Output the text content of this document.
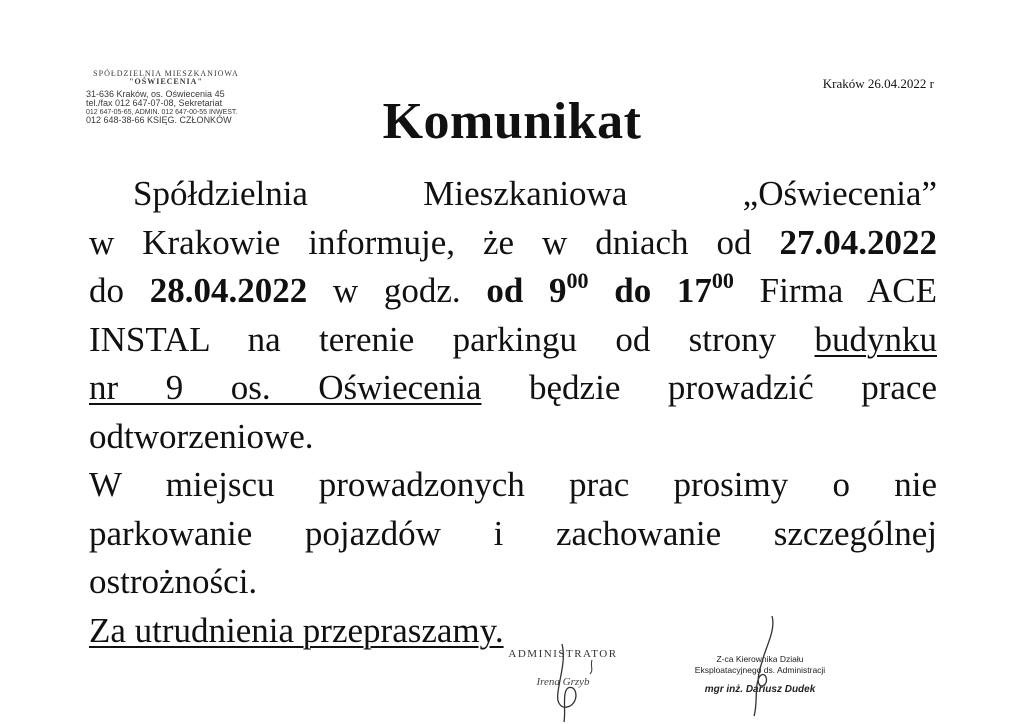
SPÓŁDZIELNIA MIESZKANIOWA
"OŚWIECENIA"
31-636 Kraków, os. Oświecenia 45
tel./fax 012 647-07-08, Sekretariat
012 647-05-65, ADMIN. 012 647-00-55 INWEST.
012 648-38-66 KSIĘG. CZŁONKÓW
Kraków 26.04.2022 r
Komunikat

Spółdzielnia Mieszkaniowa „Oświecenia”

w Krakowie informuje, że w dniach od 27.04.2022

do 28.04.2022 w godz. od $9^{00}$ do $17^{00}$ Firma ACE

INSTAL na terenie parkingu od strony budynku

nr 9 os. Oświecenia będzie prowadzić prace

odtworzeniowe.

W miejscu prowadzonych prac prosimy o nie

parkowanie pojazdów i zachowanie szczególnej

ostrożności.

Za utrudnienia przepraszamy.

ADMINISTRATOR
Irena Grzyb
Z-ca Kierownika Działu
Eksploatacyjnego ds. Administracji
mgr inż. Dariusz Dudek
